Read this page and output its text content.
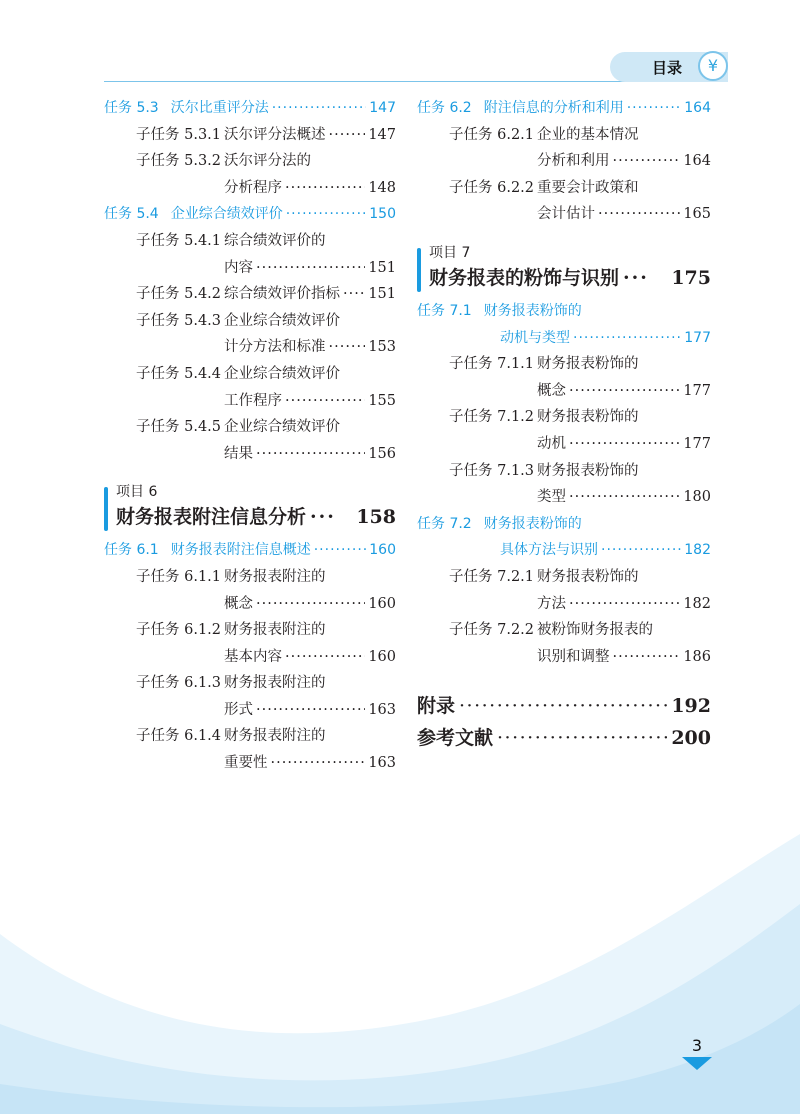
目录	¥
任务 5.3 沃尔比重评分法 ·····	147
子任务 5.3.1 沃尔评分法概述 ·····	147
子任务 5.3.2 沃尔评分法的
分析程序 ·····	148
任务 5.4 企业综合绩效评价 ·····	150
子任务 5.4.1 综合绩效评价的
内容 ·····	151
子任务 5.4.2 综合绩效评价指标 ····· 151
子任务 5.4.3 企业综合绩效评价
计分方法和标准 ·····	153
子任务 5.4.4 企业综合绩效评价
工作程序 ·····	155
子任务 5.4.5 企业综合绩效评价
结果 ·····	156
项目 6
财务报表附注信息分析 ···	158
任务 6.1 财务报表附注信息概述 ·····	160
子任务 6.1.1 财务报表附注的
概念 ·····	160
子任务 6.1.2 财务报表附注的
基本内容 ·····	160
子任务 6.1.3 财务报表附注的
形式 ·····	163
子任务 6.1.4 财务报表附注的
重要性 ·····	163
任务 6.2 附注信息的分析和利用 ·····	164
子任务 6.2.1 企业的基本情况
分析和利用 ·····	164
子任务 6.2.2 重要会计政策和
会计估计 ·····	165
项目 7
财务报表的粉饰与识别 ···	175
任务 7.1 财务报表粉饰的
动机与类型 ·····	177
子任务 7.1.1 财务报表粉饰的
概念 ·····	177
子任务 7.1.2 财务报表粉饰的
动机 ·····	177
子任务 7.1.3 财务报表粉饰的
类型 ·····	180
任务 7.2 财务报表粉饰的
具体方法与识别 ·····	182
子任务 7.2.1 财务报表粉饰的
方法 ·····	182
子任务 7.2.2 被粉饰财务报表的
识别和调整 ·····	186
附录 ·····	192
参考文献 ·····	200
3
